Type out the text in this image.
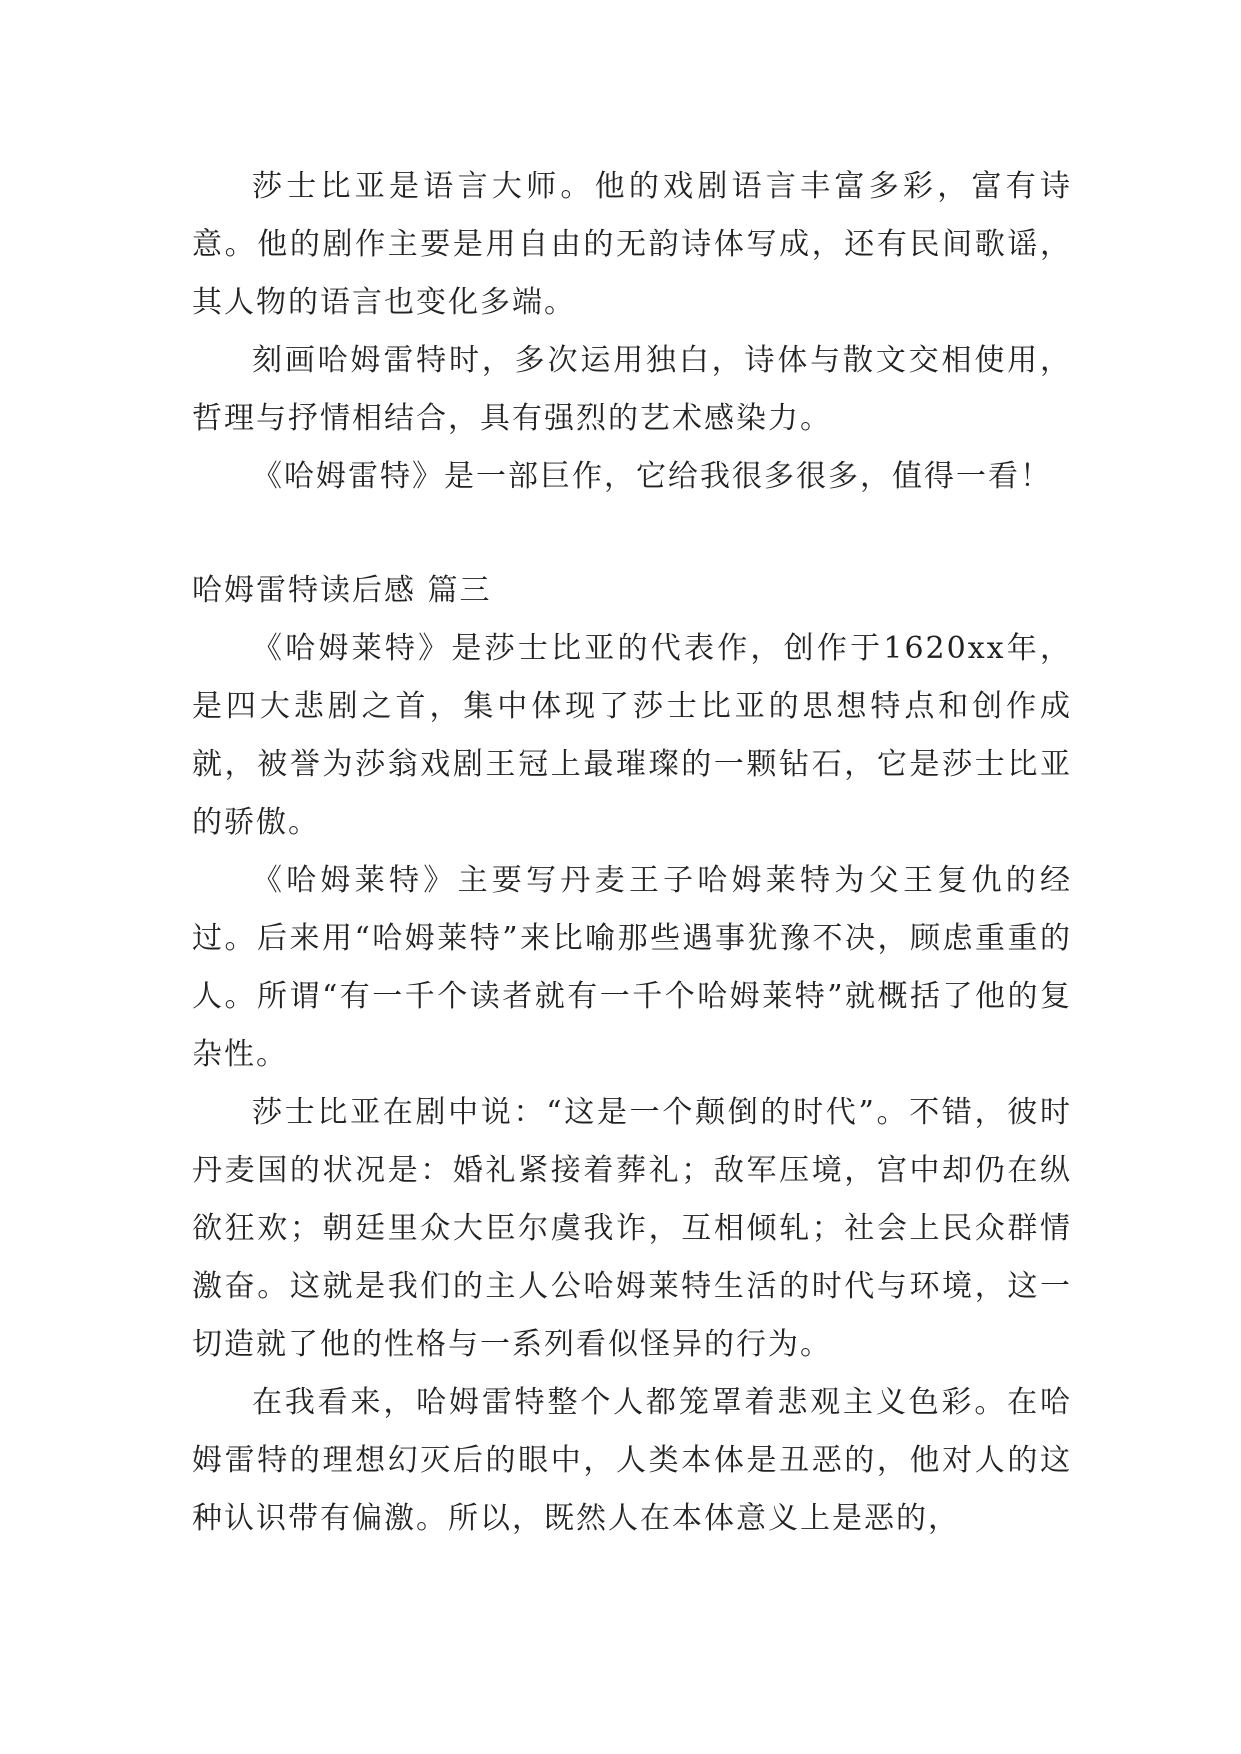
莎士比亚是语言大师。他的戏剧语言丰富多彩，富有诗意。他的剧作主要是用自由的无韵诗体写成，还有民间歌谣，其人物的语言也变化多端。

刻画哈姆雷特时，多次运用独白，诗体与散文交相使用，哲理与抒情相结合，具有强烈的艺术感染力。

《哈姆雷特》是一部巨作，它给我很多很多，值得一看！

哈姆雷特读后感 篇三

《哈姆莱特》是莎士比亚的代表作，创作于1620xx年，是四大悲剧之首，集中体现了莎士比亚的思想特点和创作成就，被誉为莎翁戏剧王冠上最璀璨的一颗钻石，它是莎士比亚的骄傲。

《哈姆莱特》主要写丹麦王子哈姆莱特为父王复仇的经过。后来用“哈姆莱特”来比喻那些遇事犹豫不决，顾虑重重的人。所谓“有一千个读者就有一千个哈姆莱特”就概括了他的复杂性。

莎士比亚在剧中说：“这是一个颠倒的时代”。不错，彼时丹麦国的状况是：婚礼紧接着葬礼；敌军压境，宫中却仍在纵欲狂欢；朝廷里众大臣尔虞我诈，互相倾轧；社会上民众群情激奋。这就是我们的主人公哈姆莱特生活的时代与环境，这一切造就了他的性格与一系列看似怪异的行为。

在我看来，哈姆雷特整个人都笼罩着悲观主义色彩。在哈姆雷特的理想幻灭后的眼中，人类本体是丑恶的，他对人的这种认识带有偏激。所以，既然人在本体意义上是恶的，
